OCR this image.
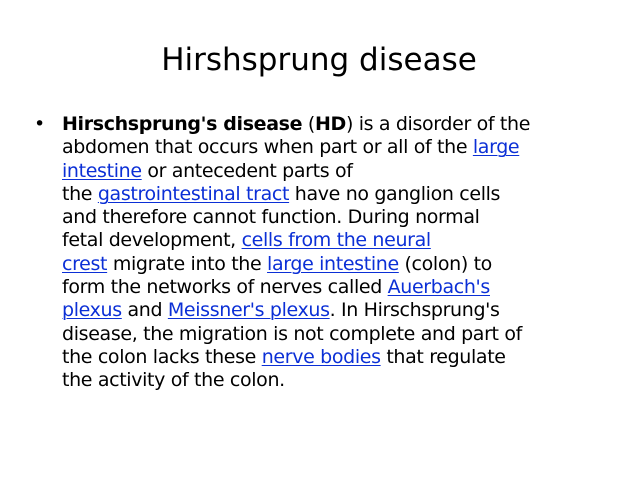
Hirshsprung disease
• Hirschsprung's disease (HD) is a disorder of the
abdomen that occurs when part or all of the large
intestine or antecedent parts of
the gastrointestinal tract have no ganglion cells
and therefore cannot function. During normal
fetal development, cells from the neural
crest migrate into the large intestine (colon) to
form the networks of nerves called Auerbach's
plexus and Meissner's plexus. In Hirschsprung's
disease, the migration is not complete and part of
the colon lacks these nerve bodies that regulate
the activity of the colon.
